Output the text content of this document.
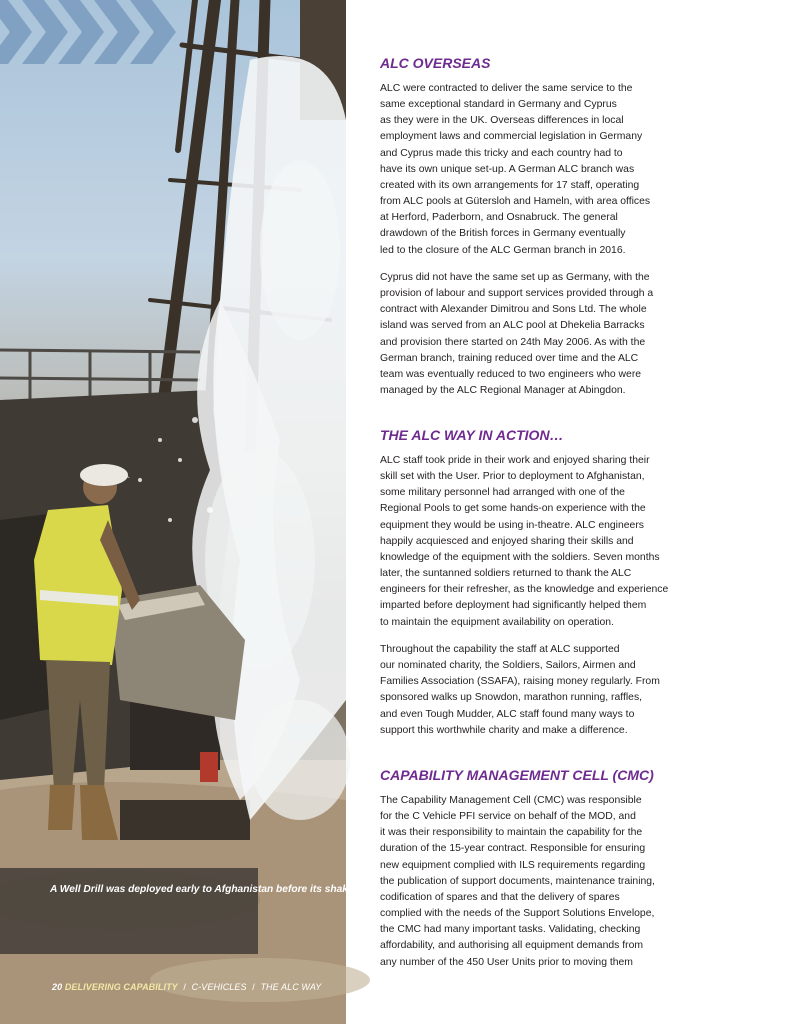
A Well Drill was deployed early to Afghanistan before its shakedown trials had been fully completed because of the urgent requirement for water In-Theatre

20 DELIVERING CAPABILITY / C-VEHICLES / THE ALC WAY
ALC OVERSEAS

ALC were contracted to deliver the same service to the
same exceptional standard in Germany and Cyprus
as they were in the UK. Overseas differences in local
employment laws and commercial legislation in Germany
and Cyprus made this tricky and each country had to
have its own unique set-up. A German ALC branch was
created with its own arrangements for 17 staff, operating
from ALC pools at Gütersloh and Hameln, with area offices
at Herford, Paderborn, and Osnabruck. The general
drawdown of the British forces in Germany eventually
led to the closure of the ALC German branch in 2016.

Cyprus did not have the same set up as Germany, with the
provision of labour and support services provided through a
contract with Alexander Dimitrou and Sons Ltd. The whole
island was served from an ALC pool at Dhekelia Barracks
and provision there started on 24th May 2006. As with the
German branch, training reduced over time and the ALC
team was eventually reduced to two engineers who were
managed by the ALC Regional Manager at Abingdon.

THE ALC WAY IN ACTION…

ALC staff took pride in their work and enjoyed sharing their
skill set with the User. Prior to deployment to Afghanistan,
some military personnel had arranged with one of the
Regional Pools to get some hands-on experience with the
equipment they would be using in-theatre. ALC engineers
happily acquiesced and enjoyed sharing their skills and
knowledge of the equipment with the soldiers. Seven months
later, the suntanned soldiers returned to thank the ALC
engineers for their refresher, as the knowledge and experience
imparted before deployment had significantly helped them
to maintain the equipment availability on operation.

Throughout the capability the staff at ALC supported
our nominated charity, the Soldiers, Sailors, Airmen and
Families Association (SSAFA), raising money regularly. From
sponsored walks up Snowdon, marathon running, raffles,
and even Tough Mudder, ALC staff found many ways to
support this worthwhile charity and make a difference.

CAPABILITY MANAGEMENT CELL (CMC)

The Capability Management Cell (CMC) was responsible
for the C Vehicle PFI service on behalf of the MOD, and
it was their responsibility to maintain the capability for the
duration of the 15-year contract. Responsible for ensuring
new equipment complied with ILS requirements regarding
the publication of support documents, maintenance training,
codification of spares and that the delivery of spares
complied with the needs of the Support Solutions Envelope,
the CMC had many important tasks. Validating, checking
affordability, and authorising all equipment demands from
any number of the 450 User Units prior to moving them
